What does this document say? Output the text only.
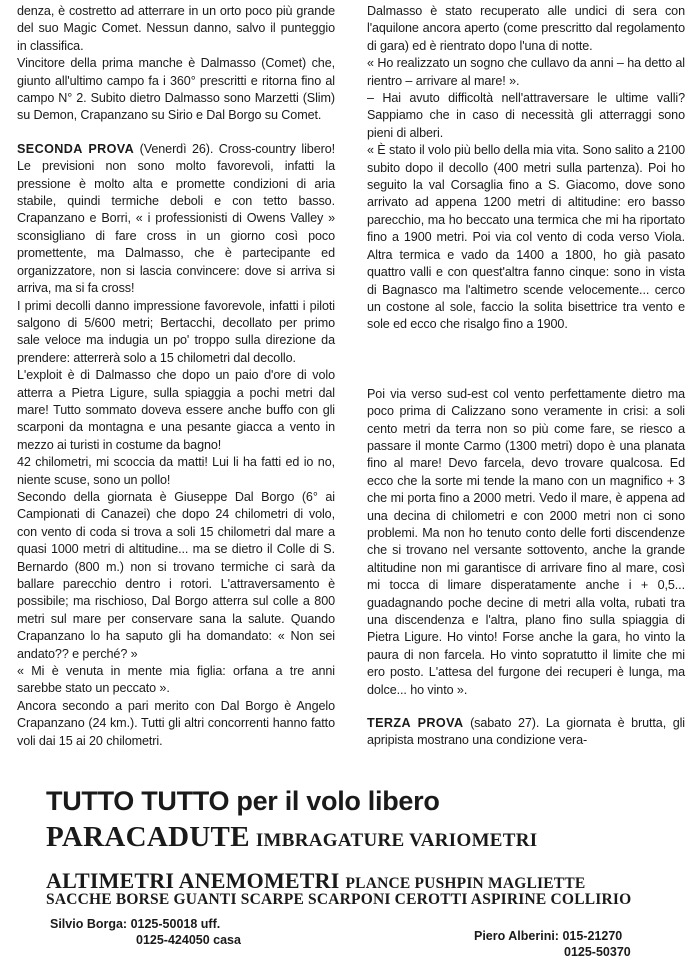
denza, è costretto ad atterrare in un orto poco più grande del suo Magic Comet. Nessun danno, salvo il punteggio in classifica.

Vincitore della prima manche è Dalmasso (Comet) che, giunto all'ultimo campo fa i 360° prescritti e ritorna fino al campo N° 2. Subito dietro Dalmasso sono Marzetti (Slim) su Demon, Crapanzano su Sirio e Dal Borgo su Comet.

SECONDA PROVA (Venerdì 26). Cross-country libero! Le previsioni non sono molto favorevoli, infatti la pressione è molto alta e promette condizioni di aria stabile, quindi termiche deboli e con tetto basso. Crapanzano e Borri, « i professionisti di Owens Valley » sconsigliano di fare cross in un giorno così poco promettente, ma Dalmasso, che è partecipante ed organizzatore, non si lascia convincere: dove si arriva si arriva, ma si fa cross!

I primi decolli danno impressione favorevole, infatti i piloti salgono di 5/600 metri; Bertacchi, decollato per primo sale veloce ma indugia un po' troppo sulla direzione da prendere: atterrerà solo a 15 chilometri dal decollo.

L'exploit è di Dalmasso che dopo un paio d'ore di volo atterra a Pietra Ligure, sulla spiaggia a pochi metri dal mare! Tutto sommato doveva essere anche buffo con gli scarponi da montagna e una pesante giacca a vento in mezzo ai turisti in costume da bagno!

42 chilometri, mi scoccia da matti! Lui li ha fatti ed io no, niente scuse, sono un pollo!

Secondo della giornata è Giuseppe Dal Borgo (6° ai Campionati di Canazei) che dopo 24 chilometri di volo, con vento di coda si trova a soli 15 chilometri dal mare a quasi 1000 metri di altitudine... ma se dietro il Colle di S. Bernardo (800 m.) non si trovano termiche ci sarà da ballare parecchio dentro i rotori. L'attraversamento è possibile; ma rischioso, Dal Borgo atterra sul colle a 800 metri sul mare per conservare sana la salute. Quando Crapanzano lo ha saputo gli ha domandato: « Non sei andato?? e perché? »

« Mi è venuta in mente mia figlia: orfana a tre anni sarebbe stato un peccato ».

Ancora secondo a pari merito con Dal Borgo è Angelo Crapanzano (24 km.). Tutti gli altri concorrenti hanno fatto voli dai 15 ai 20 chilometri.

Dalmasso è stato recuperato alle undici di sera con l'aquilone ancora aperto (come prescritto dal regolamento di gara) ed è rientrato dopo l'una di notte.

« Ho realizzato un sogno che cullavo da anni – ha detto al rientro – arrivare al mare! ».

– Hai avuto difficoltà nell'attraversare le ultime valli? Sappiamo che in caso di necessità gli atterraggi sono pieni di alberi.

« È stato il volo più bello della mia vita. Sono salito a 2100 subito dopo il decollo (400 metri sulla partenza). Poi ho seguito la val Corsaglia fino a S. Giacomo, dove sono arrivato ad appena 1200 metri di altitudine: ero basso parecchio, ma ho beccato una termica che mi ha riportato fino a 1900 metri. Poi via col vento di coda verso Viola. Altra termica e vado da 1400 a 1800, ho già pasato quattro valli e con quest'altra fanno cinque: sono in vista di Bagnasco ma l'altimetro scende velocemente... cerco un costone al sole, faccio la solita bisettrice tra vento e sole ed ecco che risalgo fino a 1900.

Poi via verso sud-est col vento perfettamente dietro ma poco prima di Calizzano sono veramente in crisi: a soli cento metri da terra non so più come fare, se riesco a passare il monte Carmo (1300 metri) dopo è una planata fino al mare! Devo farcela, devo trovare qualcosa. Ed ecco che la sorte mi tende la mano con un magnifico + 3 che mi porta fino a 2000 metri. Vedo il mare, è appena ad una decina di chilometri e con 2000 metri non ci sono problemi. Ma non ho tenuto conto delle forti discendenze che si trovano nel versante sottovento, anche la grande altitudine non mi garantisce di arrivare fino al mare, così mi tocca di limare disperatamente anche i + 0,5... guadagnando poche decine di metri alla volta, rubati tra una discendenza e l'altra, plano fino sulla spiaggia di Pietra Ligure. Ho vinto! Forse anche la gara, ho vinto la paura di non farcela. Ho vinto sopratutto il limite che mi ero posto. L'attesa del furgone dei recuperi è lunga, ma dolce... ho vinto ».

TERZA PROVA (sabato 27). La giornata è brutta, gli apripista mostrano una condizione vera-

TUTTO TUTTO per il volo libero
PARACADUTE IMBRAGATURE VARIOMETRI
ALTIMETRI ANEMOMETRI PLANCE PUSHPIN MAGLIETTE
SACCHE BORSE GUANTI SCARPE SCARPONI CEROTTI ASPIRINE COLLIRIO
Silvio Borga: 0125-50018 uff.
0125-424050 casa	Piero Alberini: 015-21270
0125-50370
